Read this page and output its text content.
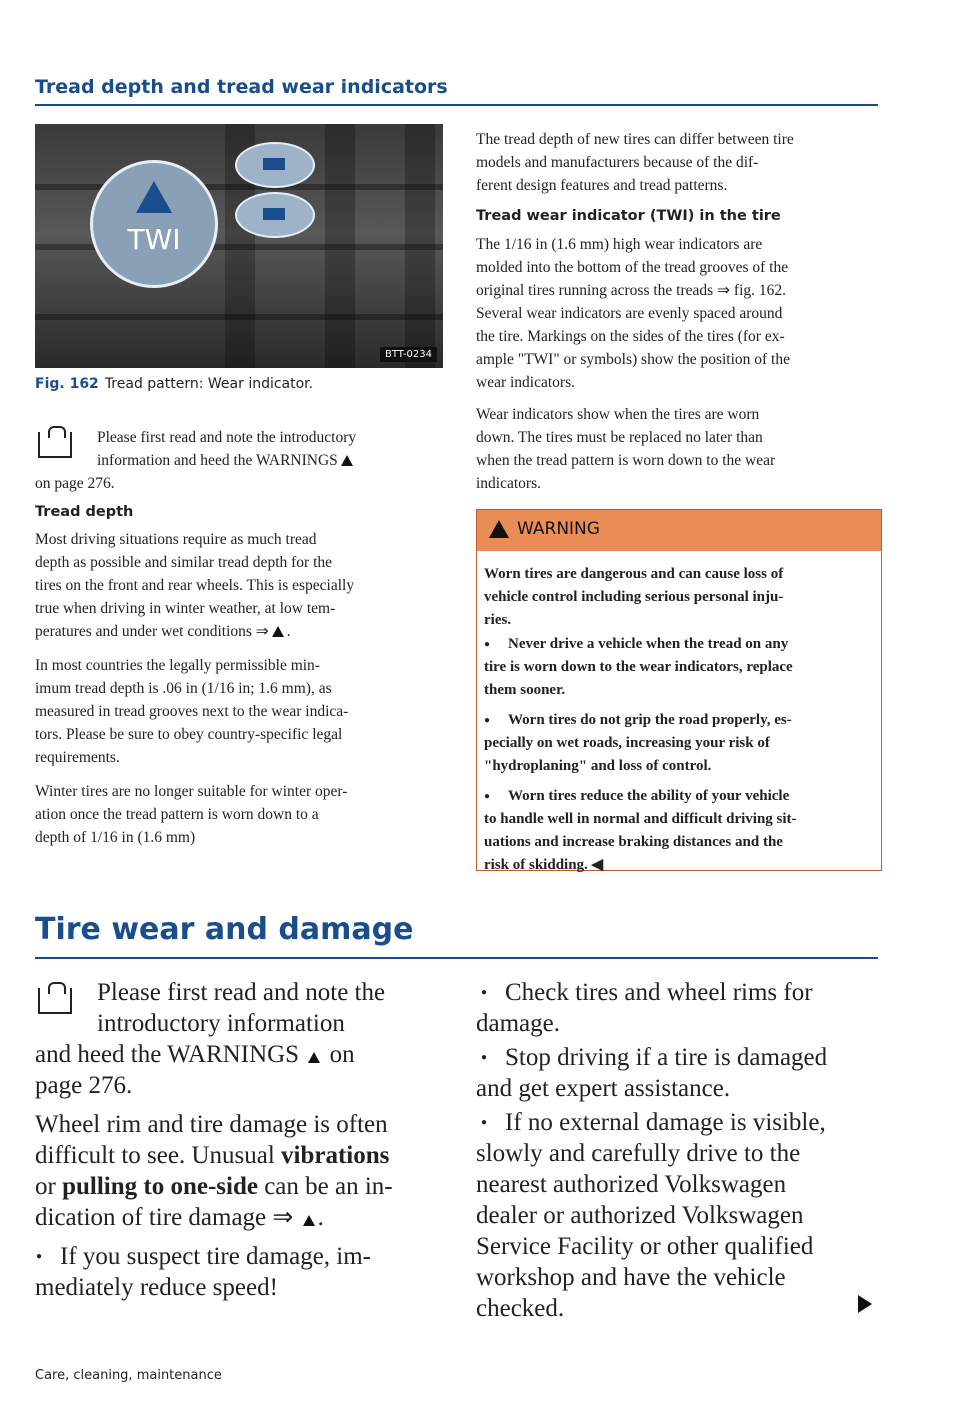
Tread depth and tread wear indicators
TWI
BTT-0234
Fig. 162 Tread pattern: Wear indicator.
Please first read and note the introductory
information and heed the WARNINGS
on page 276.
Tread depth
Most driving situations require as much tread
depth as possible and similar tread depth for the
tires on the front and rear wheels. This is especially
true when driving in winter weather, at low tem-
peratures and under wet conditions ⇒ .
In most countries the legally permissible min-
imum tread depth is .06 in (1/16 in; 1.6 mm), as
measured in tread grooves next to the wear indica-
tors. Please be sure to obey country-specific legal
requirements.
Winter tires are no longer suitable for winter oper-
ation once the tread pattern is worn down to a
depth of 1/16 in (1.6 mm)
The tread depth of new tires can differ between tire
models and manufacturers because of the dif-
ferent design features and tread patterns.
Tread wear indicator (TWI) in the tire
The 1/16 in (1.6 mm) high wear indicators are
molded into the bottom of the tread grooves of the
original tires running across the treads ⇒ fig. 162.
Several wear indicators are evenly spaced around
the tire. Markings on the sides of the tires (for ex-
ample "TWI" or symbols) show the position of the
wear indicators.
Wear indicators show when the tires are worn
down. The tires must be replaced no later than
when the tread pattern is worn down to the wear
indicators.
WARNING
Worn tires are dangerous and can cause loss of
vehicle control including serious personal inju-
ries.
● Never drive a vehicle when the tread on any
tire is worn down to the wear indicators, replace
them sooner.
● Worn tires do not grip the road properly, es-
pecially on wet roads, increasing your risk of
"hydroplaning" and loss of control.
● Worn tires reduce the ability of your vehicle
to handle well in normal and difficult driving sit-
uations and increase braking distances and the
risk of skidding. ◀
Tire wear and damage
Please first read and note the
introductory information
and heed the WARNINGS on
page 276.
Wheel rim and tire damage is often
difficult to see. Unusual vibrations
or pulling to one-side can be an in-
dication of tire damage ⇒ .
● If you suspect tire damage, im-
mediately reduce speed!
● Check tires and wheel rims for
damage.
● Stop driving if a tire is damaged
and get expert assistance.
● If no external damage is visible,
slowly and carefully drive to the
nearest authorized Volkswagen
dealer or authorized Volkswagen
Service Facility or other qualified
workshop and have the vehicle
checked.
Care, cleaning, maintenance
